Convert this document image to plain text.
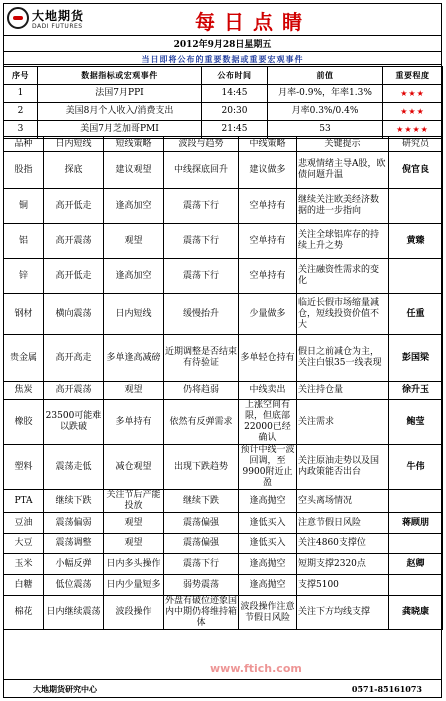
大地期货
DADI FUTURES	每日点睛
2012年9月28日星期五
当日即将公布的重要数据或重要宏观事件
序号	数据指标或宏观事件	公布时间	前值	重要程度
1	法国7月PPI	14:45	月率-0.9%，年率1.3%	★★★
2	美国8月个人收入/消费支出	20:30	月率0.3%/0.4%	★★★
3	美国7月芝加哥PMI	21:45	53	★★★★
品种	日内短线	短线策略	波段与趋势	中线策略	关键提示	研究员
股指	探底	建议观望	中线探底回升	建议做多	悲观情绪主导A股，欧债问题升温	倪官良
铜	高开低走	逢高加空	震荡下行	空单持有	继续关注欧美经济数据的进一步指向	
铝	高开震荡	观望	震荡下行	空单持有	关注全球铝库存的持续上升之势	黄臻
锌	高开低走	逢高加空	震荡下行	空单持有	关注融资性需求的变化	
钢材	横向震荡	日内短线	缓慢抬升	少量做多	临近长假市场缩量减仓，短线投资价值不大	任重
贵金属	高开高走	多单逢高减磅	近期调整是否结束有待验证	多单轻仓持有	假日之前减仓为主，关注白银35一线表现	彭国梁
焦炭	高开震荡	观望	仍将趋弱	中线卖出	关注持仓量	徐升玉
橡胶	23500可能难以跌破	多单持有	依然有反弹需求	上涨空间有限，但底部22000已经确认	关注需求	鲍莹
塑料	震荡走低	减仓观望	出现下跌趋势	预计中线一波回调，至9900附近止盈	关注原油走势以及国内政策能否出台	牛伟
PTA	继续下跌	关注节后产能投放	继续下跌	逢高抛空	空头离场情况	
豆油	震荡偏弱	观望	震荡偏强	逢低买入	注意节假日风险	蒋顾朋
大豆	震荡调整	观望	震荡偏强	逢低买入	关注4860支撑位	
玉米	小幅反弹	日内多头操作	震荡下行	逢高抛空	短期支撑2320点	赵卿
白糖	低位震荡	日内少量短多	弱势震荡	逢高抛空	支撑5100	
棉花	日内继续震荡	波段操作	外盘有破位迹象国内中期仍将维持箱体	波段操作注意节假日风险	关注下方均线支撑	龚晓康
www.ftich.com
大地期货研究中心	0571-85161073
